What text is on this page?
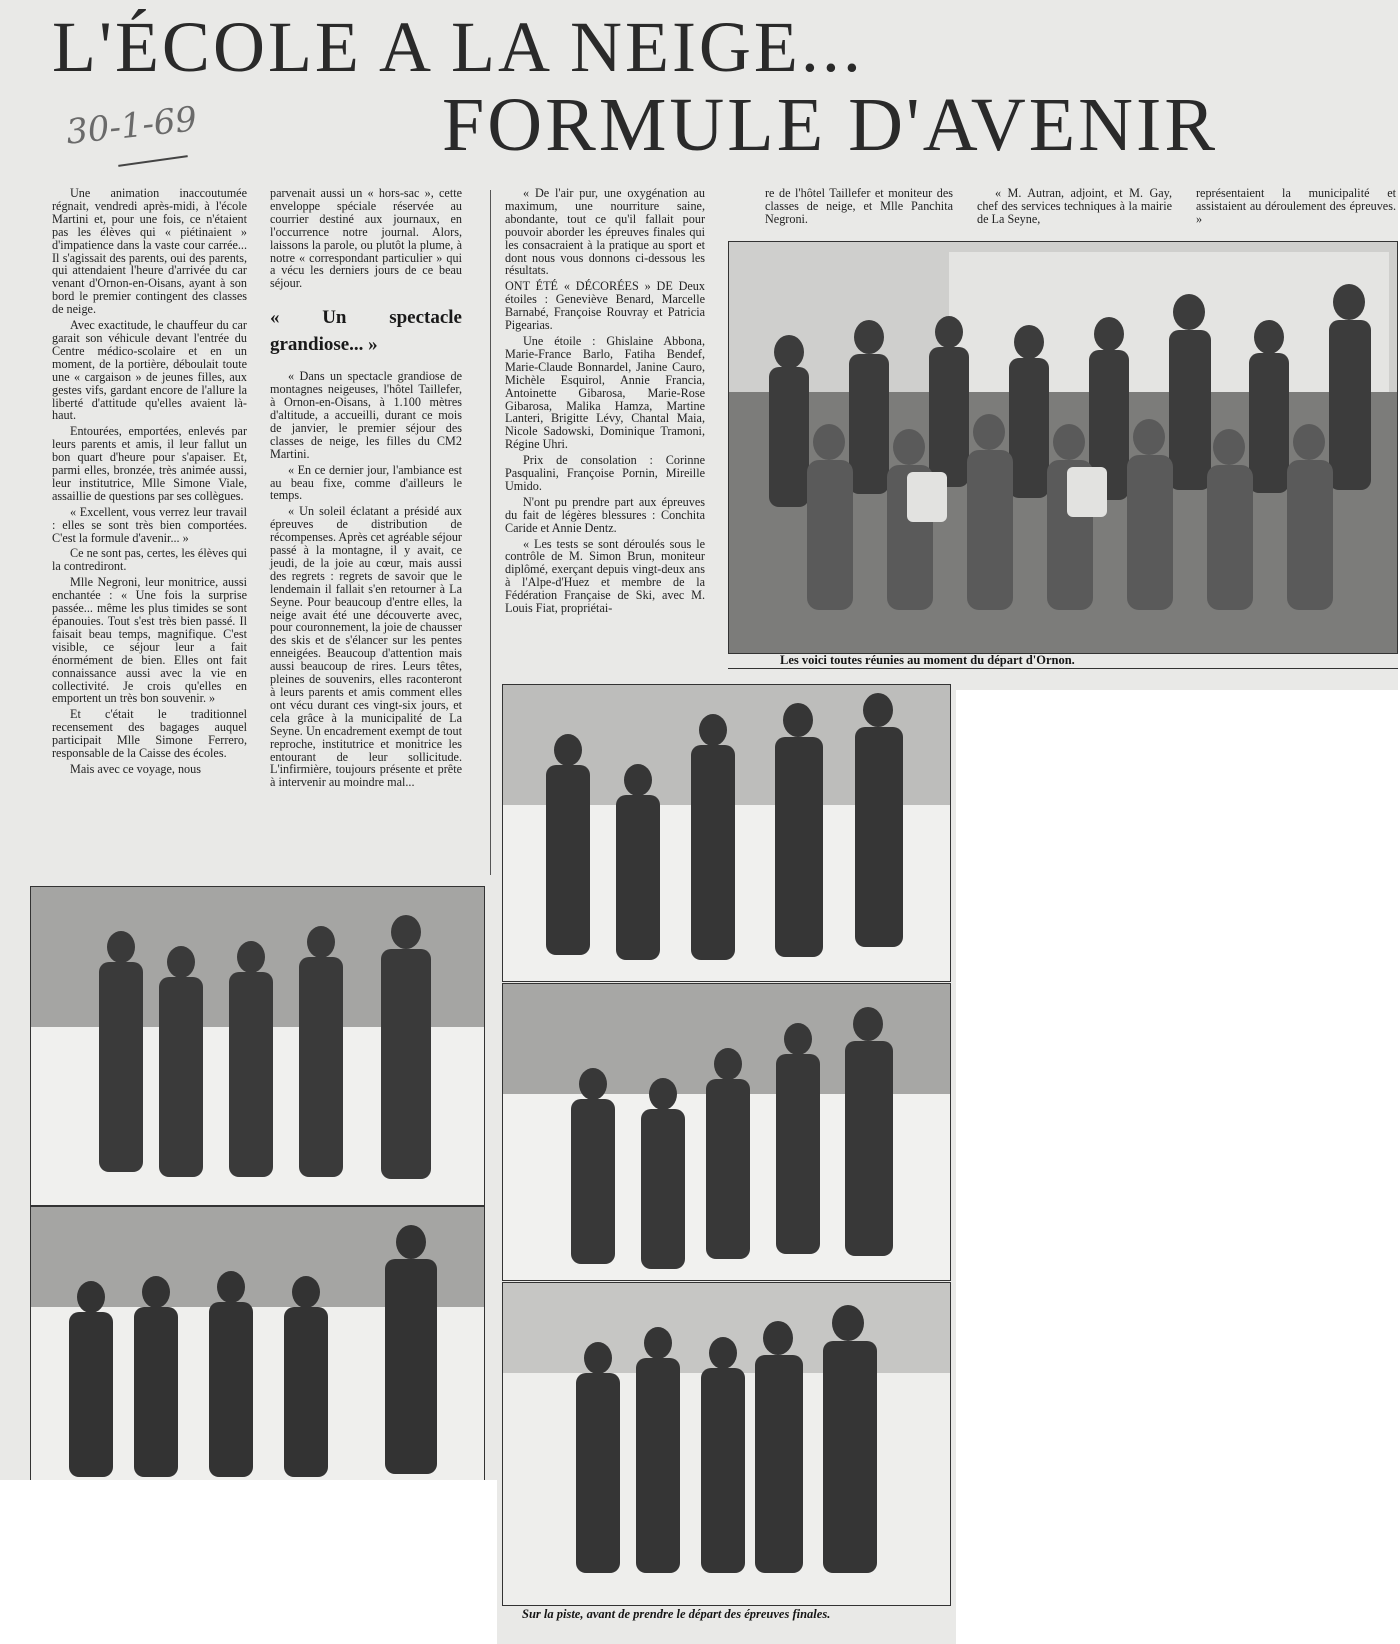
L'ÉCOLE A LA NEIGE...
FORMULE D'AVENIR
30-1-69

Une animation inaccoutumée régnait, vendredi après-midi, à l'école Martini et, pour une fois, ce n'étaient pas les élèves qui « piétinaient » d'impatience dans la vaste cour carrée... Il s'agissait des parents, oui des parents, qui attendaient l'heure d'arrivée du car venant d'Ornon-en-Oisans, ayant à son bord le premier contingent des classes de neige.

Avec exactitude, le chauffeur du car garait son véhicule devant l'entrée du Centre médico-scolaire et en un moment, de la portière, déboulait toute une « cargaison » de jeunes filles, aux gestes vifs, gardant encore de l'allure la liberté d'attitude qu'elles avaient là-haut.

Entourées, emportées, enlevés par leurs parents et amis, il leur fallut un bon quart d'heure pour s'apaiser. Et, parmi elles, bronzée, très animée aussi, leur institutrice, Mlle Simone Viale, assaillie de questions par ses collègues.

« Excellent, vous verrez leur travail : elles se sont très bien comportées. C'est la formule d'avenir... »

Ce ne sont pas, certes, les élèves qui la contrediront.

Mlle Negroni, leur monitrice, aussi enchantée : « Une fois la surprise passée... même les plus timides se sont épanouies. Tout s'est très bien passé. Il faisait beau temps, magnifique. C'est visible, ce séjour leur a fait énormément de bien. Elles ont fait connaissance aussi avec la vie en collectivité. Je crois qu'elles en emportent un très bon souvenir. »

Et c'était le traditionnel recensement des bagages auquel participait Mlle Simone Ferrero, responsable de la Caisse des écoles.

Mais avec ce voyage, nous

parvenait aussi un « hors-sac », cette enveloppe spéciale réservée au courrier destiné aux journaux, en l'occurrence notre journal. Alors, laissons la parole, ou plutôt la plume, à notre « correspondant particulier » qui a vécu les derniers jours de ce beau séjour.

« Un spectacle grandiose... »

« Dans un spectacle grandiose de montagnes neigeuses, l'hôtel Taillefer, à Ornon-en-Oisans, à 1.100 mètres d'altitude, a accueilli, durant ce mois de janvier, le premier séjour des classes de neige, les filles du CM2 Martini.

« En ce dernier jour, l'ambiance est au beau fixe, comme d'ailleurs le temps.

« Un soleil éclatant a présidé aux épreuves de distribution de récompenses. Après cet agréable séjour passé à la montagne, il y avait, ce jeudi, de la joie au cœur, mais aussi des regrets : regrets de savoir que le lendemain il fallait s'en retourner à La Seyne. Pour beaucoup d'entre elles, la neige avait été une découverte avec, pour couronnement, la joie de chausser des skis et de s'élancer sur les pentes enneigées. Beaucoup d'attention mais aussi beaucoup de rires. Leurs têtes, pleines de souvenirs, elles raconteront à leurs parents et amis comment elles ont vécu durant ces vingt-six jours, et cela grâce à la municipalité de La Seyne. Un encadrement exempt de tout reproche, institutrice et monitrice les entourant de leur sollicitude. L'infirmière, toujours présente et prête à intervenir au moindre mal...

« De l'air pur, une oxygénation au maximum, une nourriture saine, abondante, tout ce qu'il fallait pour pouvoir aborder les épreuves finales qui les consacraient à la pratique au sport et dont nous vous donnons ci-dessous les résultats.

ONT ÉTÉ « DÉCORÉES » DE Deux étoiles : Geneviève Benard, Marcelle Barnabé, Françoise Rouvray et Patricia Pigearias.

Une étoile : Ghislaine Abbona, Marie-France Barlo, Fatiha Bendef, Marie-Claude Bonnardel, Janine Cauro, Michèle Esquirol, Annie Francia, Antoinette Gibarosa, Marie-Rose Gibarosa, Malika Hamza, Martine Lanteri, Brigitte Lévy, Chantal Maia, Nicole Sadowski, Dominique Tramoni, Régine Uhri.

Prix de consolation : Corinne Pasqualini, Françoise Pornin, Mireille Umido.

N'ont pu prendre part aux épreuves du fait de légères blessures : Conchita Caride et Annie Dentz.

« Les tests se sont déroulés sous le contrôle de M. Simon Brun, moniteur diplômé, exerçant depuis vingt-deux ans à l'Alpe-d'Huez et membre de la Fédération Française de Ski, avec M. Louis Fiat, propriétai-

re de l'hôtel Taillefer et moniteur des classes de neige, et Mlle Panchita Negroni.

« M. Autran, adjoint, et M. Gay, chef des services techniques à la mairie de La Seyne,

représentaient la municipalité et assistaient au déroulement des épreuves. »

Les voici toutes réunies au moment du départ d'Ornon.
Sur la piste, avant de prendre le départ des épreuves finales.
